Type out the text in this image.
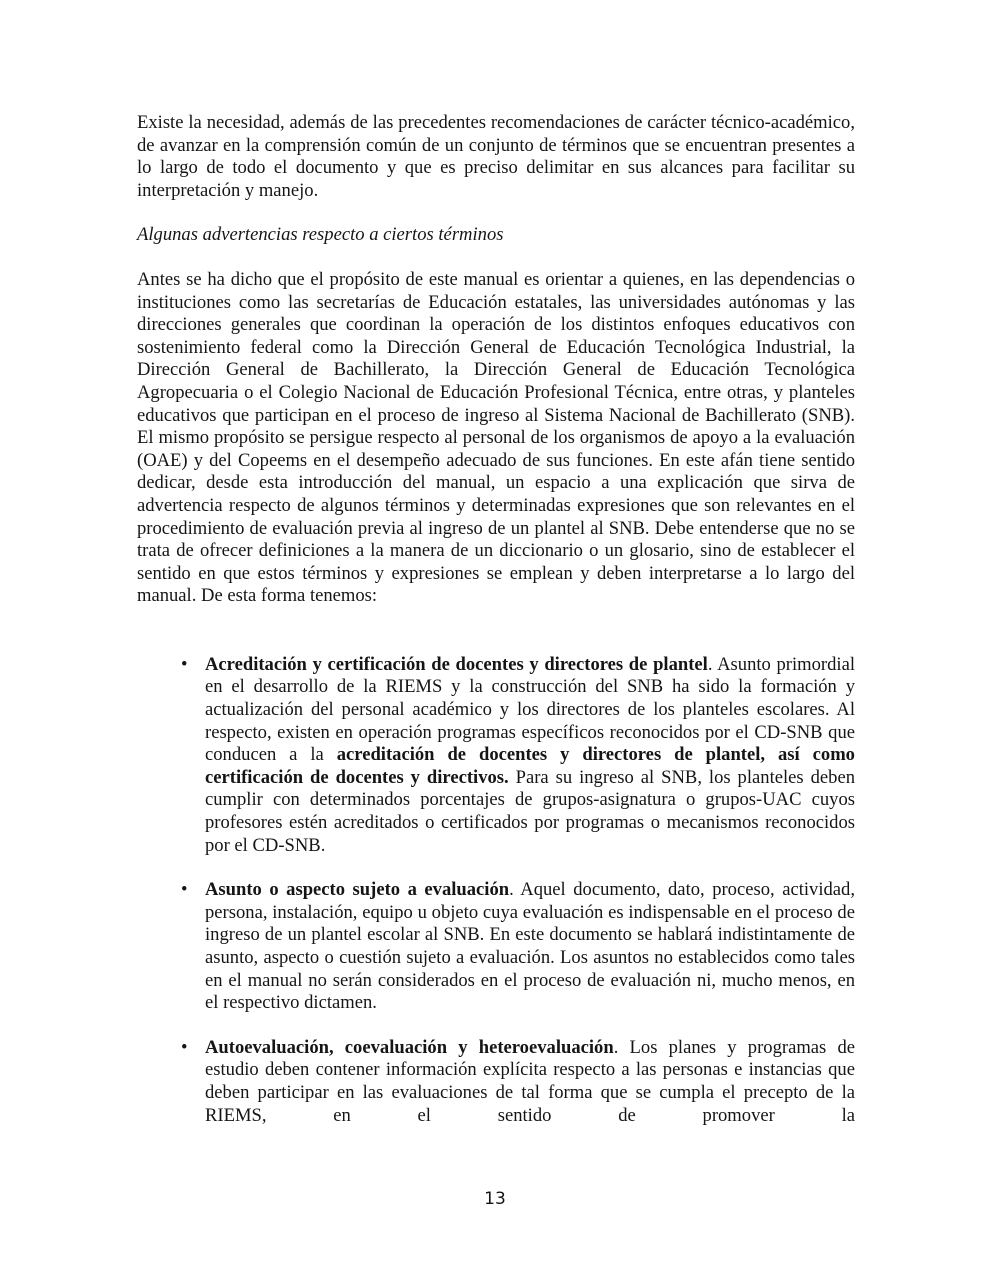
Existe la necesidad, además de las precedentes recomendaciones de carácter técnico-académico, de avanzar en la comprensión común de un conjunto de términos que se encuentran presentes a lo largo de todo el documento y que es preciso delimitar en sus alcances para facilitar su interpretación y manejo.

Algunas advertencias respecto a ciertos términos

Antes se ha dicho que el propósito de este manual es orientar a quienes, en las dependencias o instituciones como las secretarías de Educación estatales, las universidades autónomas y las direcciones generales que coordinan la operación de los distintos enfoques educativos con sostenimiento federal como la Dirección General de Educación Tecnológica Industrial, la Dirección General de Bachillerato, la Dirección General de Educación Tecnológica Agropecuaria o el Colegio Nacional de Educación Profesional Técnica, entre otras, y planteles educativos que participan en el proceso de ingreso al Sistema Nacional de Bachillerato (SNB). El mismo propósito se persigue respecto al personal de los organismos de apoyo a la evaluación (OAE) y del Copeems en el desempeño adecuado de sus funciones. En este afán tiene sentido dedicar, desde esta introducción del manual, un espacio a una explicación que sirva de advertencia respecto de algunos términos y determinadas expresiones que son relevantes en el procedimiento de evaluación previa al ingreso de un plantel al SNB. Debe entenderse que no se trata de ofrecer definiciones a la manera de un diccionario o un glosario, sino de establecer el sentido en que estos términos y expresiones se emplean y deben interpretarse a lo largo del manual. De esta forma tenemos:

• Acreditación y certificación de docentes y directores de plantel. Asunto primordial en el desarrollo de la RIEMS y la construcción del SNB ha sido la formación y actualización del personal académico y los directores de los planteles escolares. Al respecto, existen en operación programas específicos reconocidos por el CD-SNB que conducen a la acreditación de docentes y directores de plantel, así como certificación de docentes y directivos. Para su ingreso al SNB, los planteles deben cumplir con determinados porcentajes de grupos-asignatura o grupos-UAC cuyos profesores estén acreditados o certificados por programas o mecanismos reconocidos por el CD-SNB.
• Asunto o aspecto sujeto a evaluación. Aquel documento, dato, proceso, actividad, persona, instalación, equipo u objeto cuya evaluación es indispensable en el proceso de ingreso de un plantel escolar al SNB. En este documento se hablará indistintamente de asunto, aspecto o cuestión sujeto a evaluación. Los asuntos no establecidos como tales en el manual no serán considerados en el proceso de evaluación ni, mucho menos, en el respectivo dictamen.
• Autoevaluación, coevaluación y heteroevaluación. Los planes y programas de estudio deben contener información explícita respecto a las personas e instancias que deben participar en las evaluaciones de tal forma que se cumpla el precepto de la RIEMS, en el sentido de promover la
13
